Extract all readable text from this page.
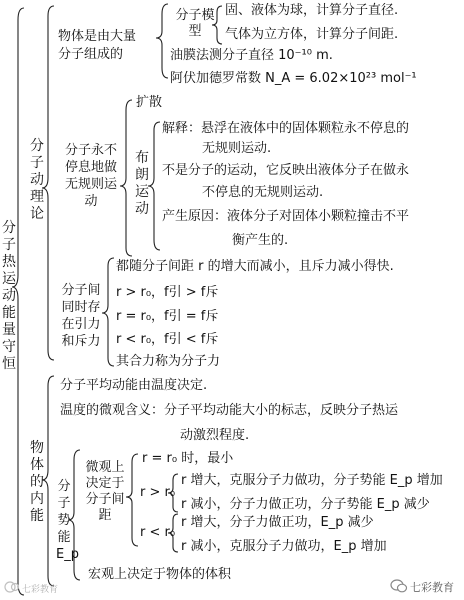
分子热运动能量守恒
分子动理论
物体是由大量
分子组成的
分子模型
固、液体为球，计算分子直径.
气体为立方体，计算分子间距.
油膜法测分子直径 10⁻¹⁰ m.
阿伏加德罗常数 N_A = 6.02×10²³ mol⁻¹
分子永不停息地做无规则运动
扩散
布朗运动
解释：悬浮在液体中的固体颗粒永不停息的
无规则运动.
不是分子的运动，它反映出液体分子在做永
不停息的无规则运动.
产生原因：液体分子对固体小颗粒撞击不平
衡产生的.
分子间同时存在引力和斥力
都随分子间距 r 的增大而减小，且斥力减小得快.
r > r₀，f引 > f斥
r = r₀，f引 = f斥
r < r₀，f引 < f斥
其合力称为分子力
物体的内能
分子平均动能由温度决定.
温度的微观含义：分子平均动能大小的标志，反映分子热运
动激烈程度.
分子势能 E_p
微观上决定于分子间距
r = r₀ 时，最小
r > r₀
r 增大，克服分子力做功，分子势能 E_p 增加
r 减小，分子力做正功，分子势能 E_p 减少
r < r₀
r 增大，分子力做正功，E_p 减少
r 减小，克服分子力做功，E_p 增加
宏观上决定于物体的体积
七彩教育	七彩教育
